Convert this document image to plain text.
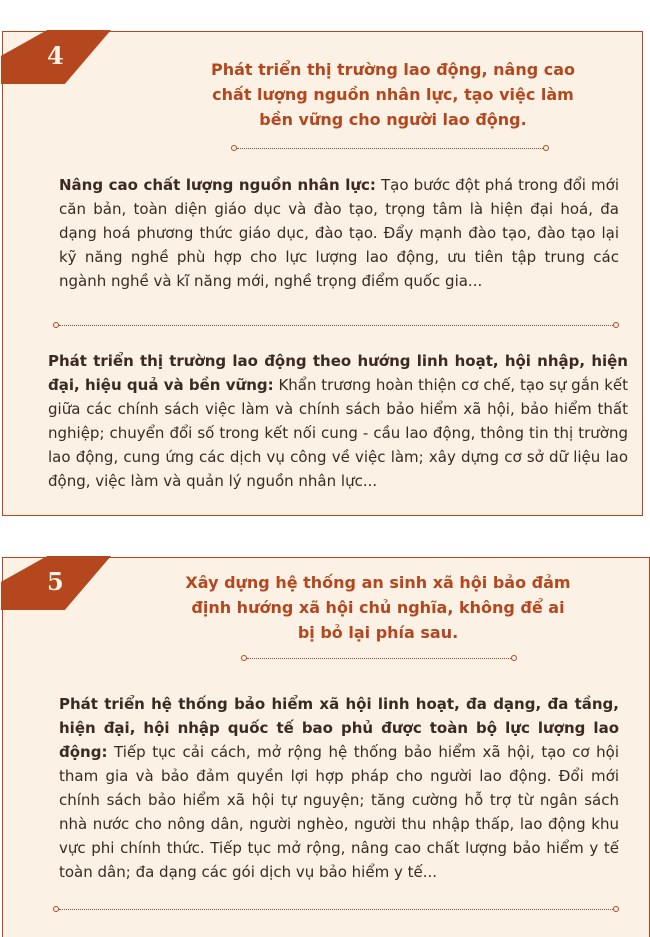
4	Phát triển thị trường lao động, nâng cao chất lượng nguồn nhân lực, tạo việc làm bền vững cho người lao động.

Nâng cao chất lượng nguồn nhân lực: Tạo bước đột phá trong đổi mới căn bản, toàn diện giáo dục và đào tạo, trọng tâm là hiện đại hoá, đa dạng hoá phương thức giáo dục, đào tạo. Đẩy mạnh đào tạo, đào tạo lại kỹ năng nghề phù hợp cho lực lượng lao động, ưu tiên tập trung các ngành nghề và kĩ năng mới, nghề trọng điểm quốc gia...

Phát triển thị trường lao động theo hướng linh hoạt, hội nhập, hiện đại, hiệu quả và bền vững: Khẩn trương hoàn thiện cơ chế, tạo sự gắn kết giữa các chính sách việc làm và chính sách bảo hiểm xã hội, bảo hiểm thất nghiệp; chuyển đổi số trong kết nối cung - cầu lao động, thông tin thị trường lao động, cung ứng các dịch vụ công về việc làm; xây dựng cơ sở dữ liệu lao động, việc làm và quản lý nguồn nhân lực...

5	Xây dựng hệ thống an sinh xã hội bảo đảm định hướng xã hội chủ nghĩa, không để ai bị bỏ lại phía sau.

Phát triển hệ thống bảo hiểm xã hội linh hoạt, đa dạng, đa tầng, hiện đại, hội nhập quốc tế bao phủ được toàn bộ lực lượng lao động: Tiếp tục cải cách, mở rộng hệ thống bảo hiểm xã hội, tạo cơ hội tham gia và bảo đảm quyền lợi hợp pháp cho người lao động. Đổi mới chính sách bảo hiểm xã hội tự nguyện; tăng cường hỗ trợ từ ngân sách nhà nước cho nông dân, người nghèo, người thu nhập thấp, lao động khu vực phi chính thức. Tiếp tục mở rộng, nâng cao chất lượng bảo hiểm y tế toàn dân; đa dạng các gói dịch vụ bảo hiểm y tế...
